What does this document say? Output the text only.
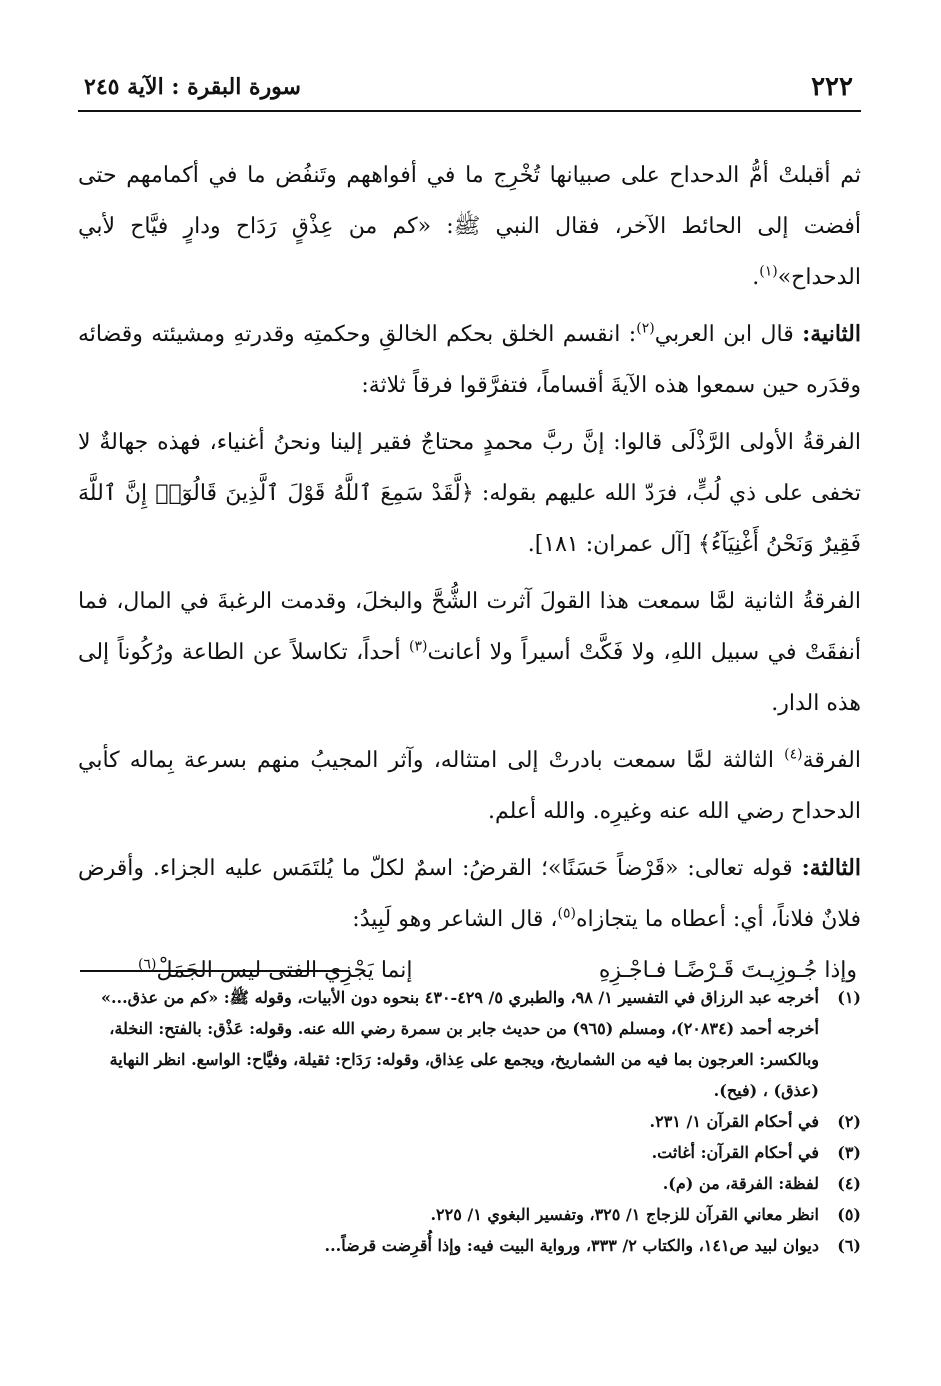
٢٢٢
سورة البقرة : الآية ٢٤٥

ثم أقبلتْ أمُّ الدحداح على صبيانها تُخْرِج ما في أفواههم وتَنفُض ما في أكمامهم حتى أفضت إلى الحائط الآخر، فقال النبي ﷺ: «كم من عِذْقٍ رَدَاح ودارٍ فيَّاح لأبي الدحداح»$^{(١)}$.

الثانية: قال ابن العربي$^{(٢)}$: انقسم الخلق بحكم الخالقِ وحكمتِه وقدرتهِ ومشيئته وقضائه وقدَره حين سمعوا هذه الآيةَ أقساماً، فتفرَّقوا فرقاً ثلاثة:

الفرقةُ الأولى الرَّذْلَى قالوا: إنَّ ربَّ محمدٍ محتاجٌ فقير إلينا ونحنُ أغنياء، فهذه جهالةٌ لا تخفى على ذي لُبٍّ، فرَدّ الله عليهم بقوله: ﴿لَّقَدْ سَمِعَ ٱللَّهُ قَوْلَ ٱلَّذِينَ قَالُوٓا۟ إِنَّ ٱللَّهَ فَقِيرٌ وَنَحْنُ أَغْنِيَآءُ﴾ [آل عمران: ١٨١].

الفرقةُ الثانية لمَّا سمعت هذا القولَ آثرت الشُّحَّ والبخلَ، وقدمت الرغبةَ في المال، فما أنفقَتْ في سبيل اللهِ، ولا فَكَّتْ أسيراً ولا أعانت$^{(٣)}$ أحداً، تكاسلاً عن الطاعة ورُكُوناً إلى هذه الدار.

الفرقة$^{(٤)}$ الثالثة لمَّا سمعت بادرتْ إلى امتثاله، وآثر المجيبُ منهم بسرعة بِماله كأبي الدحداح رضي الله عنه وغيرِه. والله أعلم.

الثالثة: قوله تعالى: «قَرْضاً حَسَنًا»؛ القرضُ: اسمٌ لكلّ ما يُلتَمَس عليه الجزاء. وأقرض فلانٌ فلاناً، أي: أعطاه ما يتجازاه$^{(٥)}$، قال الشاعر وهو لَبِيدُ:

وإذا جُـوزِيـتَ قَـرْضًـا فـاجْـزِهِ
إنما يَجْزِي الفتى ليس الجَمَلْ$^{(٦)}$
(١)
أخرجه عبد الرزاق في التفسير ١/ ٩٨، والطبري ٥/ ٤٢٩-٤٣٠ بنحوه دون الأبيات، وقوله ﷺ: «كم من عذق...» أخرجه أحمد (٢٠٨٣٤)، ومسلم (٩٦٥) من حديث جابر بن سمرة رضي الله عنه. وقوله: عَذْق: بالفتح: النخلة، وبالكسر: العرجون بما فيه من الشماريخ، ويجمع على عِذاق، وقوله: رَدَاح: ثقيلة، وفيَّاح: الواسع. انظر النهاية (عذق) ، (فيح).
(٢)
في أحكام القرآن ١/ ٢٣١.
(٣)
في أحكام القرآن: أغاثت.
(٤)
لفظة: الفرقة، من (م).
(٥)
انظر معاني القرآن للزجاج ١/ ٣٢٥، وتفسير البغوي ١/ ٢٢٥.
(٦)
ديوان لبيد ص١٤١، والكتاب ٢/ ٣٣٣، ورواية البيت فيه: وإذا أُقرِضت قرضاً...
